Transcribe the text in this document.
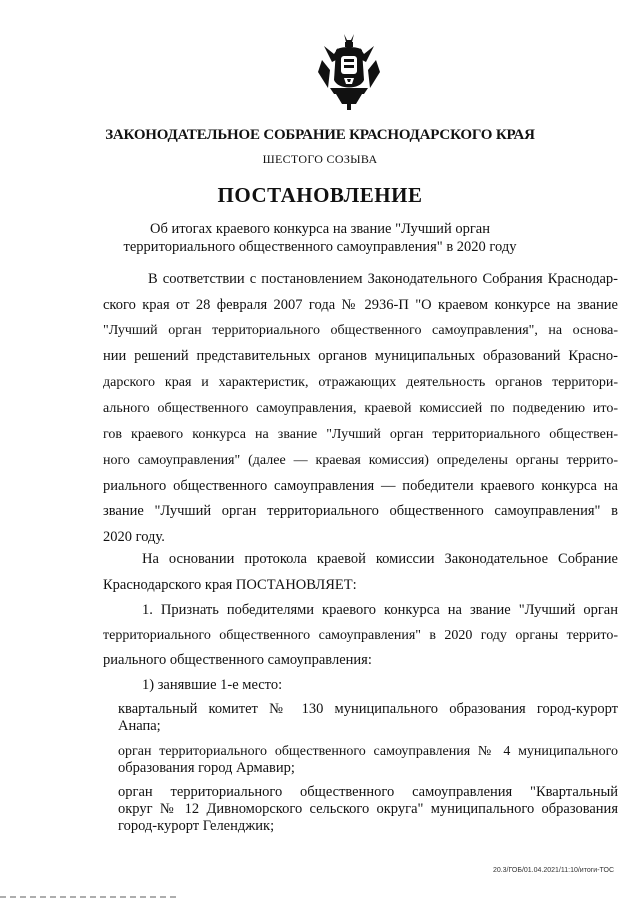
ЗАКОНОДАТЕЛЬНОЕ СОБРАНИЕ КРАСНОДАРСКОГО КРАЯ
ШЕСТОГО СОЗЫВА
ПОСТАНОВЛЕНИЕ
Об итогах краевого конкурса на звание "Лучший орган
территориального общественного самоуправления" в 2020 году
В соответствии с постановлением Законодательного Собрания Краснодар-
ского края от 28 февраля 2007 года № 2936-П "О краевом конкурсе на звание
"Лучший орган территориального общественного самоуправления", на основа-
нии решений представительных органов муниципальных образований Красно-
дарского края и характеристик, отражающих деятельность органов территори-
ального общественного самоуправления, краевой комиссией по подведению ито-
гов краевого конкурса на звание "Лучший орган территориального обществен-
ного самоуправления" (далее — краевая комиссия) определены органы террито-
риального общественного самоуправления — победители краевого конкурса на
звание "Лучший орган территориального общественного самоуправления" в
2020 году.
На основании протокола краевой комиссии Законодательное Собрание
Краснодарского края ПОСТАНОВЛЯЕТ:
1. Признать победителями краевого конкурса на звание "Лучший орган
территориального общественного самоуправления" в 2020 году органы террито-
риального общественного самоуправления:
1) занявшие 1-е место:
квартальный комитет № 130 муниципального образования город-курорт
Анапа;
орган территориального общественного самоуправления № 4 муниципального
образования город Армавир;
орган территориального общественного самоуправления "Квартальный
округ № 12 Дивноморского сельского округа" муниципального образования
город-курорт Геленджик;
20.3/ГОБ/01.04.2021/11:10/итоги-ТОС
